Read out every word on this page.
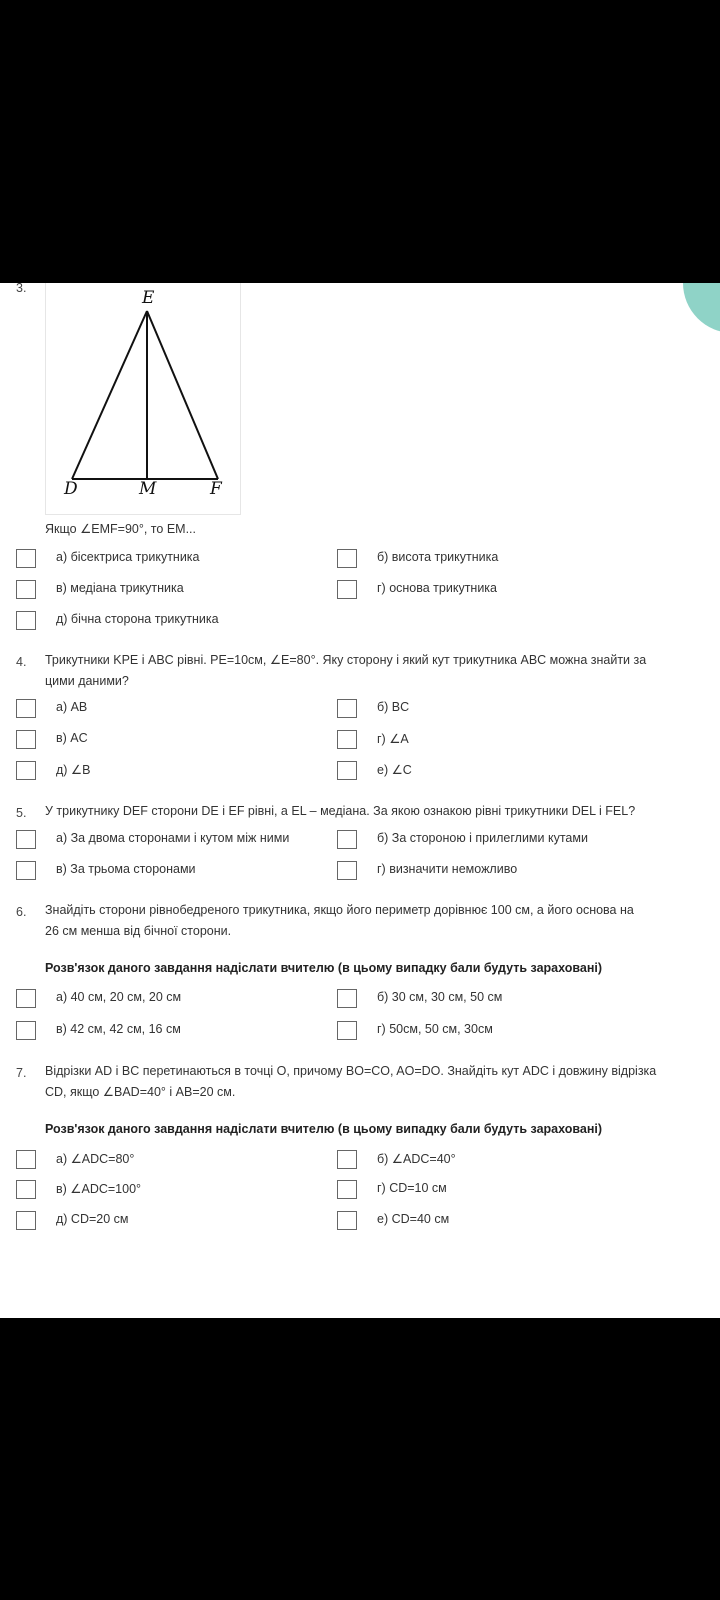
3.	E
D	M	F
Якщо ∠EMF=90°, то EM...
а) бісектриса трикутника	б) висота трикутника
в) медіана трикутника	г) основа трикутника
д) бічна сторона трикутника
4. Трикутники KPE і ABC рівні. PE=10см, ∠E=80°. Яку сторону і який кут трикутника ABC можна знайти за
цими даними?
а) AB	б) BC
в) AC	г) ∠A
д) ∠B	е) ∠C
5. У трикутнику DEF сторони DE і EF рівні, а EL – медіана. За якою ознакою рівні трикутники DEL і FEL?
а) За двома сторонами і кутом між ними	б) За стороною і прилеглими кутами
в) За трьома сторонами	г) визначити неможливо
6. Знайдіть сторони рівнобедреного трикутника, якщо його периметр дорівнює 100 см, а його основа на
26 см менша від бічної сторони.
Розв'язок даного завдання надіслати вчителю (в цьому випадку бали будуть зараховані)
а) 40 см, 20 см, 20 см	б) 30 см, 30 см, 50 см
в) 42 см, 42 см, 16 см	г) 50см, 50 см, 30см
7. Відрізки AD і BC перетинаються в точці O, причому BO=CO, AO=DO. Знайдіть кут ADC і довжину відрізка
CD, якщо ∠BAD=40° і AB=20 см.
Розв'язок даного завдання надіслати вчителю (в цьому випадку бали будуть зараховані)
а) ∠ADC=80°	б) ∠ADC=40°
в) ∠ADC=100°	г) CD=10 см
д) CD=20 см	е) CD=40 см
